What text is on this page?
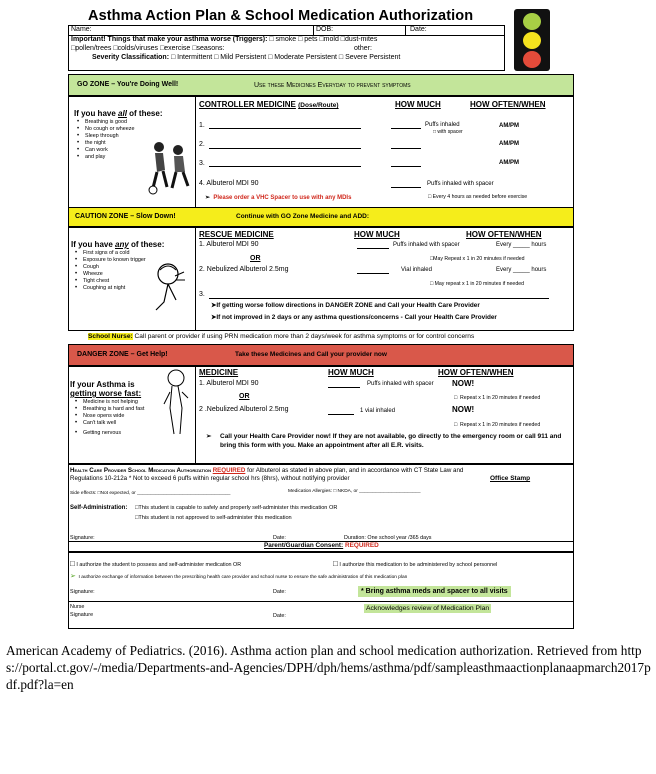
Asthma Action Plan & School Medication Authorization
Name:	DOB:	Date:
Important! Things that make your asthma worse (Triggers): □ smoke □ pets □mold □dust-mites
□pollen/trees □colds/viruses □exercise □seasons:	other:
Severity Classification: □ Intermittent □ Mild Persistent □ Moderate Persistent □ Severe Persistent
GO ZONE – You're Doing Well!	Use these Medicines Everyday to prevent symptoms
If you have all of these:
• Breathing is good
• No cough or wheeze
• Sleep through
• the night
• Can work
• and play
CONTROLLER MEDICINE (Dose/Route)	HOW MUCH	HOW OFTEN/WHEN
1.	Puffs inhaled
□ with spacer
AM/PM
2.	AM/PM
3.	AM/PM
4. Albuterol MDI 90	Puffs inhaled with spacer
➢  Please order a VHC Spacer to use with any MDIs	□ Every 4 hours as needed before exercise
CAUTION ZONE – Slow Down!	Continue with GO Zone Medicine and ADD:
If you have any of these:
• First signs of a cold
• Exposure to known trigger
• Cough
• Wheeze
• Tight chest
• Coughing at night
RESCUE MEDICINE	HOW MUCH	HOW OFTEN/WHEN
1. Albuterol MDI 90	Puffs inhaled with spacer	Every _____ hours
OR	□May Repeat x 1 in 20 minutes if needed
2. Nebulized Albuterol 2.5mg	Vial inhaled	Every _____ hours
□ May repeat x 1 in 20 minutes if needed
3.
➤If getting worse follow directions in DANGER ZONE and Call your Health Care Provider
➤If not improved in 2 days or any asthma questions/concerns - Call your Health Care Provider
School Nurse: Call parent or provider if using PRN medication more than 2 days/week for asthma symptoms or for control concerns
DANGER ZONE – Get Help!	Take these Medicines and Call your provider now
If your Asthma is
getting worse fast:
• Medicine is not helping
• Breathing is hard and fast
• Nose opens wide
• Can't talk well
• Getting nervous
MEDICINE	HOW MUCH	HOW OFTEN/WHEN
1. Albuterol MDI 90	Puffs inhaled with spacer NOW!
OR	□  Repeat x 1 in 20 minutes if needed
2 .Nebulized Albuterol 2.5mg	1 vial inhaled	NOW!
□  Repeat x 1 in 20 minutes if needed
➢	Call your Health Care Provider now! If they are not available, go directly to the emergency room or call 911 and bring this form with you. Make an appointment after all E.R. visits.
Health Care Provider School Medication Authorization REQUIRED for Albuterol as stated in above plan, and in accordance with CT State Law and
Regulations 10-212a * Not to exceed 6 puffs within regular school hrs (8hrs), without notifying provider	Office Stamp
Side effects: □Not expected, or ___________________________________	Medication Allergies: □ NKDA, or _______________________
Self-Administration: □This student is capable to safely and properly self-administer this medication OR
□This student is not approved to self-administer this medication
Signature:	Date:	Duration: One school year /365 days
Parent/Guardian Consent: REQUIRED
□ I authorize the student to possess and self-administer medication OR	□ I authorize this medication to be administered by school personnel
➢ I authorize exchange of information between the prescribing health care provider and school nurse to ensure the safe administration of this medication plan
Signature:	Date:	* Bring asthma meds and spacer to all visits
Nurse
Signature	Date:
Acknowledges review of Medication Plan
American Academy of Pediatrics. (2016). Asthma action plan and school medication authorization. Retrieved from https://portal.ct.gov/-/media/Departments-and-Agencies/DPH/dph/hems/asthma/pdf/sampleasthmaactionplanaapmarch2017pdf.pdf?la=en
